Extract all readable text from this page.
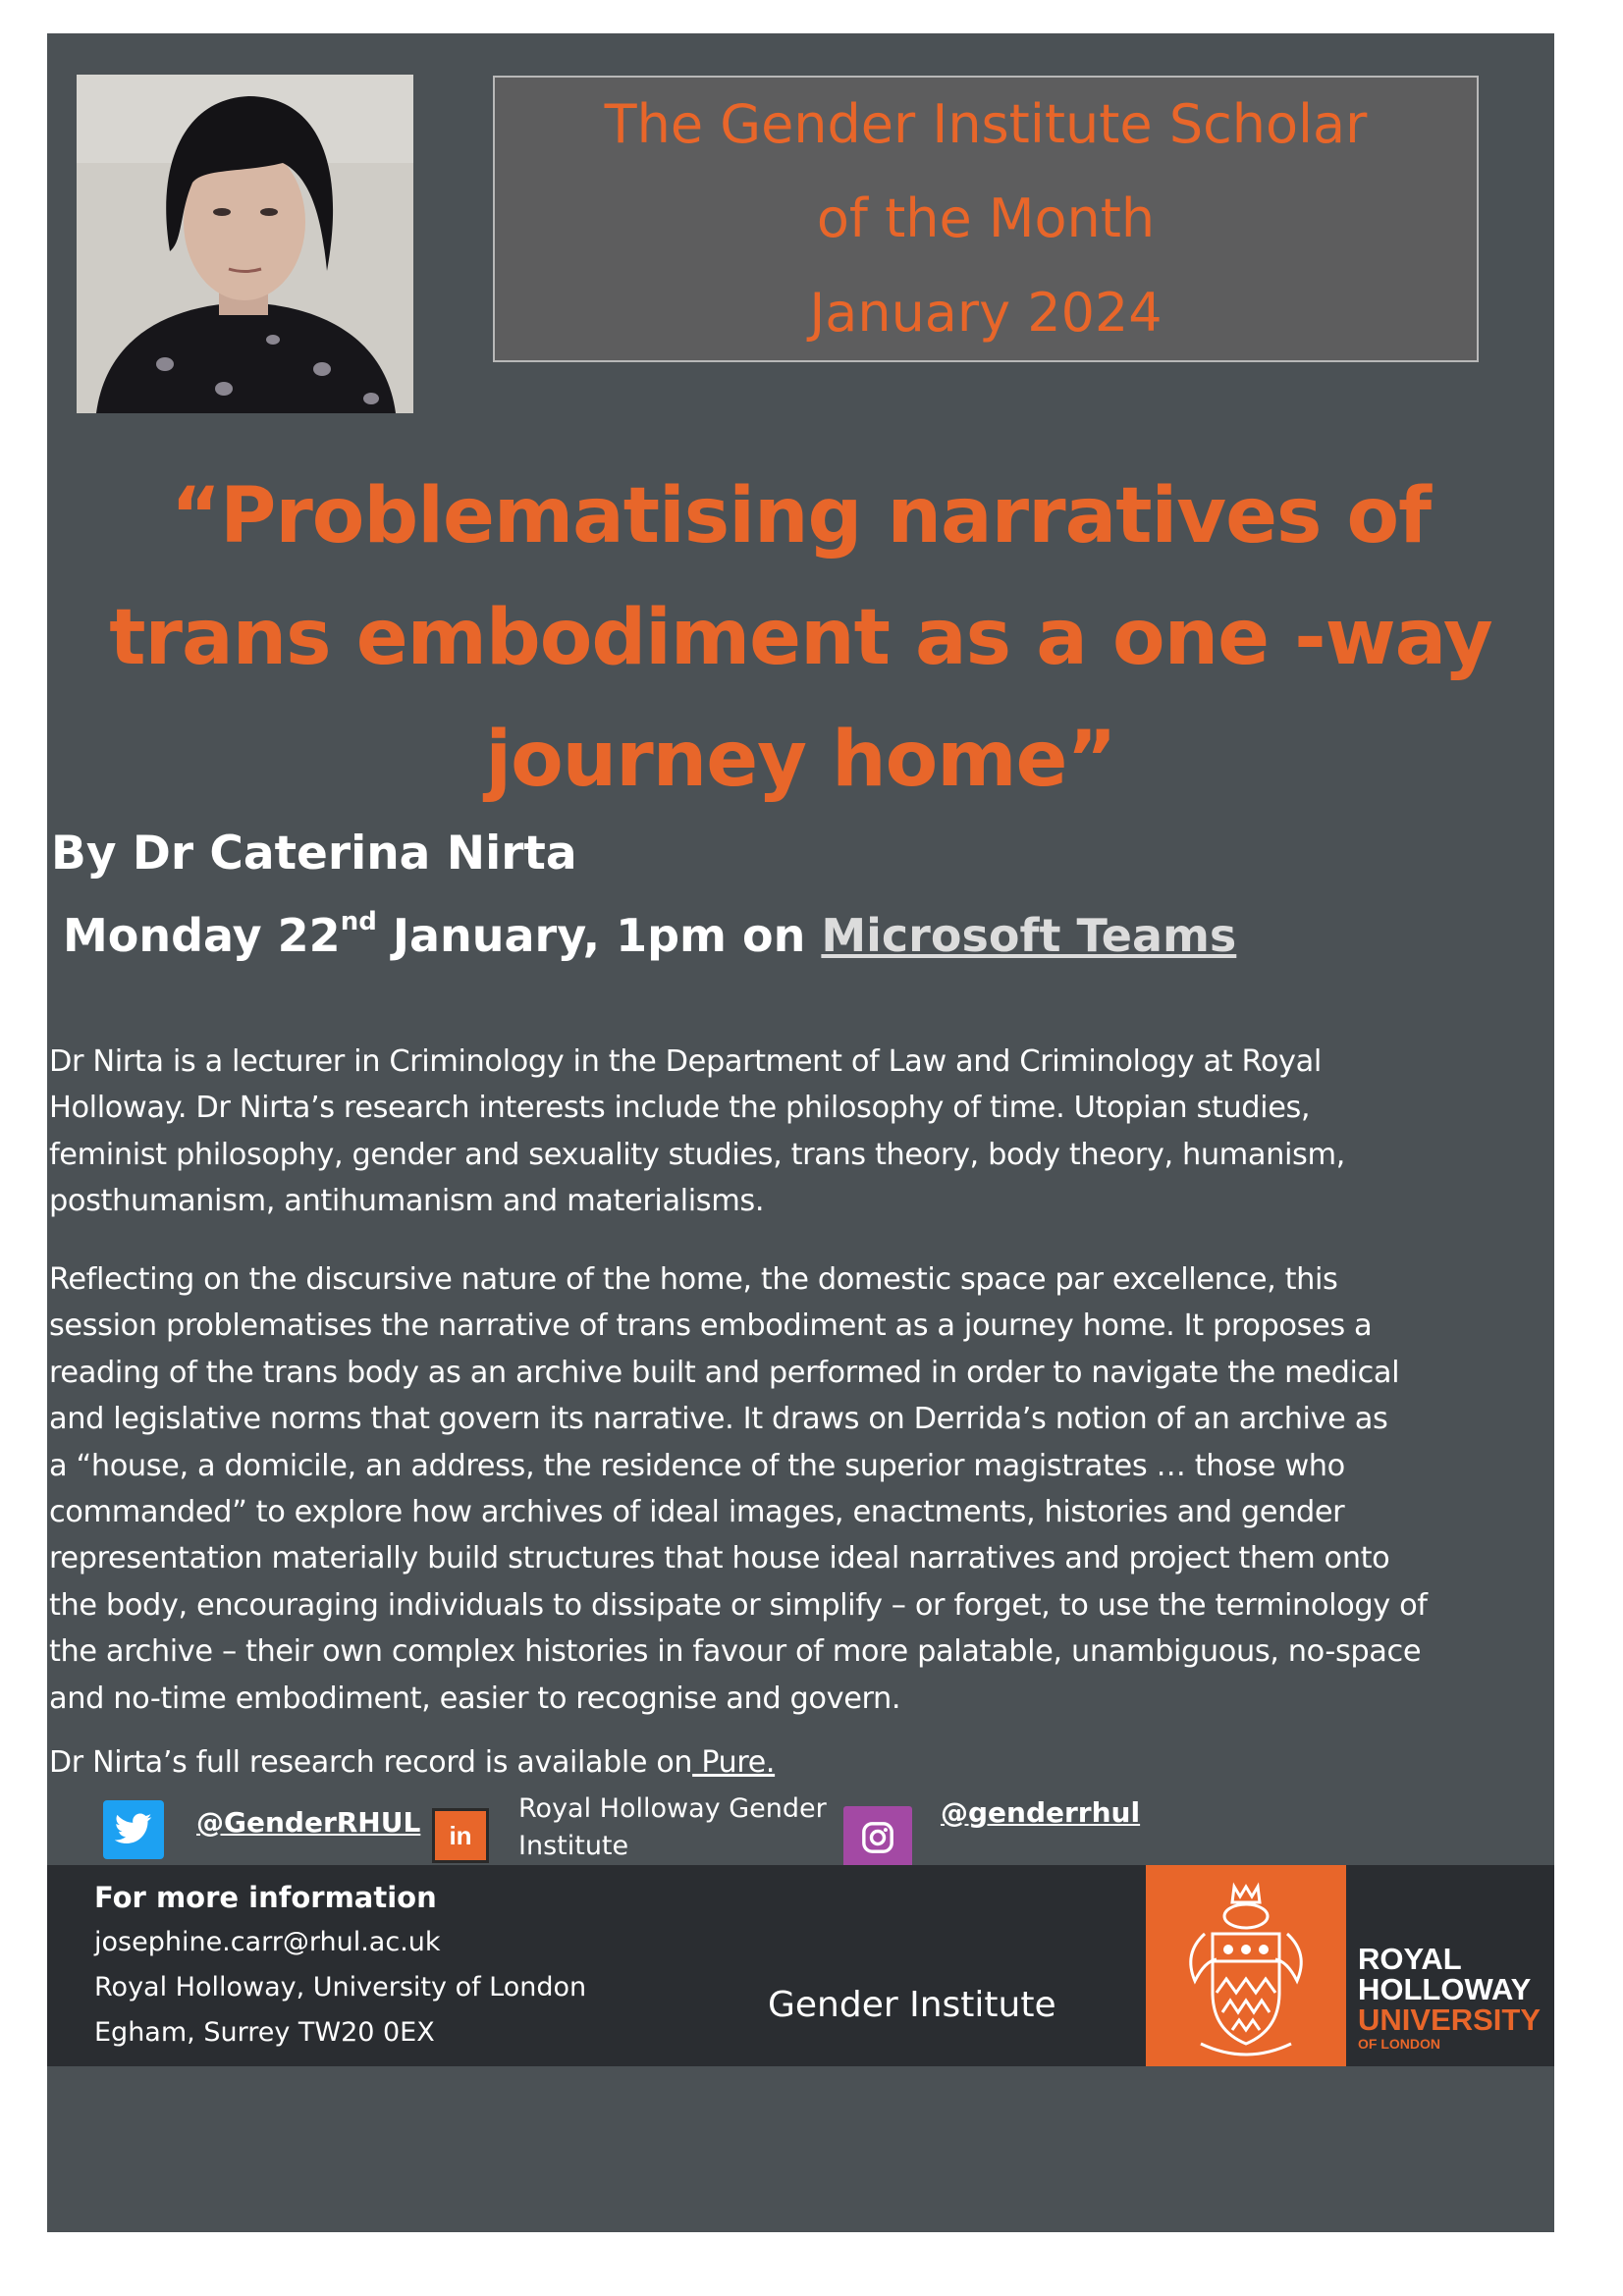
The Gender Institute Scholar
of the Month
January 2024
“Problematising narratives of
trans embodiment as a one -way
journey home”
By Dr Caterina Nirta
Monday 22nd January, 1pm on Microsoft Teams
Dr Nirta is a lecturer in Criminology in the Department of Law and Criminology at Royal
Holloway. Dr Nirta’s research interests include the philosophy of time. Utopian studies,
feminist philosophy, gender and sexuality studies, trans theory, body theory, humanism,
posthumanism, antihumanism and materialisms.
Reflecting on the discursive nature of the home, the domestic space par excellence, this
session problematises the narrative of trans embodiment as a journey home. It proposes a
reading of the trans body as an archive built and performed in order to navigate the medical
and legislative norms that govern its narrative. It draws on Derrida’s notion of an archive as
a “house, a domicile, an address, the residence of the superior magistrates … those who
commanded” to explore how archives of ideal images, enactments, histories and gender
representation materially build structures that house ideal narratives and project them onto
the body, encouraging individuals to dissipate or simplify – or forget, to use the terminology of
the archive – their own complex histories in favour of more palatable, unambiguous, no-space
and no-time embodiment, easier to recognise and govern.
Dr Nirta’s full research record is available on Pure.
@GenderRHUL in
Royal Holloway Gender
Institute
@genderrhul
For more information
josephine.carr@rhul.ac.uk
Royal Holloway, University of London
Egham, Surrey TW20 0EX
Gender Institute
ROYAL
HOLLOWAY
UNIVERSITY
OF LONDON
